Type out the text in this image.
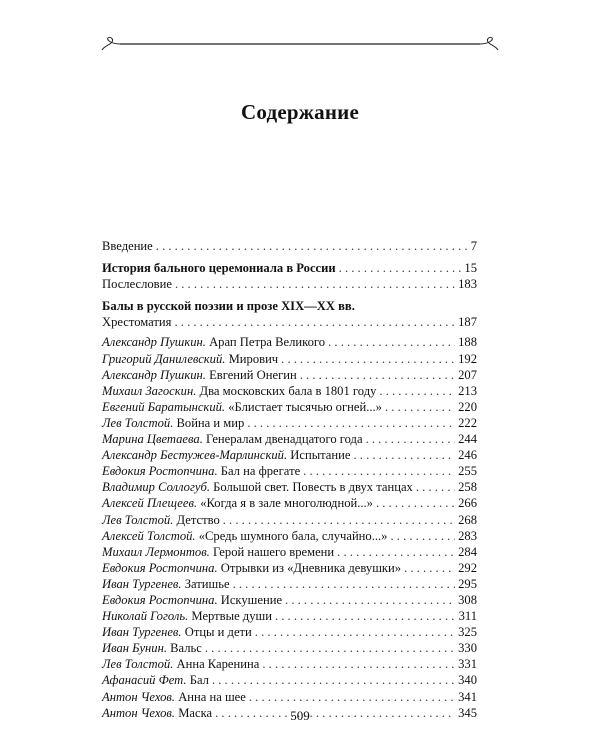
Содержание
Введение . . .	7
История бального церемониала в России . . .	15
Послесловие . . .	183
Балы в русской поэзии и прозе XIX—XX вв.
Хрестоматия . . .	187
Александр Пушкин. Арап Петра Великого . . .	188
Григорий Данилевский. Мирович . . .	192
Александр Пушкин. Евгений Онегин . . .	207
Михаил Загоскин. Два московских бала в 1801 году . . .	213
Евгений Баратынский. «Блистает тысячью огней...» . . .	220
Лев Толстой. Война и мир . . .	222
Марина Цветаева. Генералам двенадцатого года . . .	244
Александр Бестужев-Марлинский. Испытание . . .	246
Евдокия Ростопчина. Бал на фрегате . . .	255
Владимир Соллогуб. Большой свет. Повесть в двух танцах . . .	258
Алексей Плещеев. «Когда я в зале многолюдной...» . . .	266
Лев Толстой. Детство . . .	268
Алексей Толстой. «Средь шумного бала, случайно...» . . .	283
Михаил Лермонтов. Герой нашего времени . . .	284
Евдокия Ростопчина. Отрывки из «Дневника девушки» . . .	292
Иван Тургенев. Затишье . . .	295
Евдокия Ростопчина. Искушение . . .	308
Николай Гоголь. Мертвые души . . .	311
Иван Тургенев. Отцы и дети . . .	325
Иван Бунин. Вальс . . .	330
Лев Толстой. Анна Каренина . . .	331
Афанасий Фет. Бал . . .	340
Антон Чехов. Анна на шее . . .	341
Антон Чехов. Маска . . .	345
509
